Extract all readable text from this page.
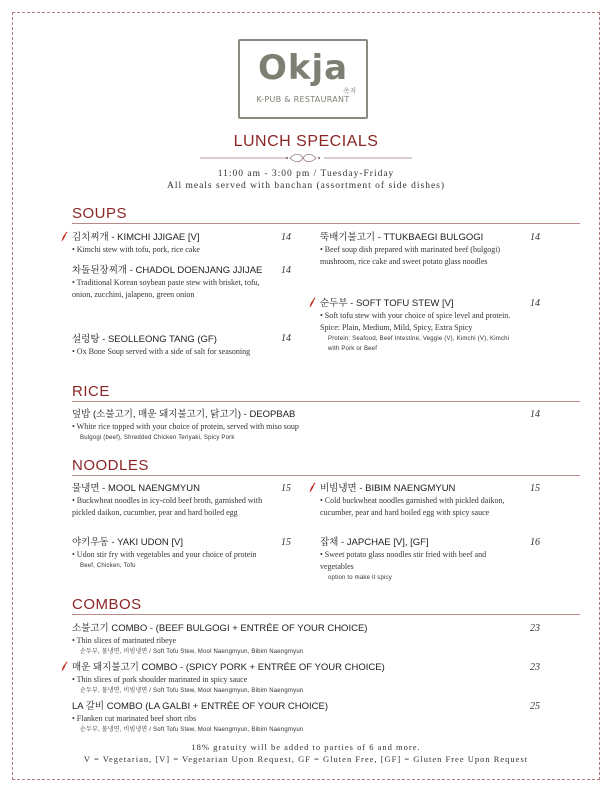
Okja
옥자
K-PUB & RESTAURANT
LUNCH SPECIALS
11:00 am - 3:00 pm / Tuesday-Friday
All meals served with banchan (assortment of side dishes)
SOUPS
김치찌개 - KIMCHI JJIGAE [V]
• Kimchi stew with tofu, pork, rice cake
14
차돌된장찌개 - CHADOL DOENJANG JJIJAE
• Traditional Korean soybean paste stew with brisket, tofu, onion, zucchini, jalapeno, green onion
14
설렁탕 - SEOLLEONG TANG (GF)
• Ox Bone Soup served with a side of salt for seasoning
14
뚝배기불고기 - TTUKBAEGI BULGOGI
• Beef soup dish prepared with marinated beef (bulgogi) mushroom, rice cake and sweet potato glass noodles
14
순두부 - SOFT TOFU STEW [V]
• Soft tofu stew with your choice of spice level and protein. Spice: Plain, Medium, Mild, Spicy, Extra Spicy
Protein: Seafood, Beef Intestine, Veggie (V), Kimchi (V), Kimchi with Pork or Beef
14
RICE
덮밥 (소불고기, 매운 돼지불고기, 닭고기) - DEOPBAB
• White rice topped with your choice of protein, served with miso soup
Bulgogi (beef), Shredded Chicken Teriyaki, Spicy Pork
14
NOODLES
물냉면 - MOOL NAENGMYUN
• Buckwheat noodles in icy-cold beef broth, garnished with pickled daikon, cucumber, pear and hard boiled egg
15
야키우동 - YAKI UDON [V]
• Udon stir fry with vegetables and your choice of protein
Beef, Chicken, Tofu
15
비빔냉면 - BIBIM NAENGMYUN
• Cold buckwheat noodles garnished with pickled daikon, cucumber, pear and hard boiled egg with spicy sauce
15
잡채 - JAPCHAE [V], [GF]
• Sweet potato glass noodles stir fried with beef and vegetables
option to make it spicy
16
COMBOS
소불고기 COMBO - (BEEF BULGOGI + ENTRÉE OF YOUR CHOICE)
• Thin slices of marinated ribeye
순두부, 물냉면, 비빔냉면 / Soft Tofu Stew, Mool Naengmyun, Bibim Naengmyun
23
매운 돼지불고기 COMBO - (SPICY PORK + ENTRÉE OF YOUR CHOICE)
• Thin slices of pork shoulder marinated in spicy sauce
순두부, 물냉면, 비빔냉면 / Soft Tofu Stew, Mool Naengmyun, Bibim Naengmyun
23
LA 갈비 COMBO (LA GALBI + ENTRÉE OF YOUR CHOICE)
• Flanken cut marinated beef short ribs
순두부, 물냉면, 비빔냉면 / Soft Tofu Stew, Mool Naengmyun, Bibim Naengmyun
25
18% gratuity will be added to parties of 6 and more.
V = Vegetarian, [V] = Vegetarian Upon Request, GF = Gluten Free, [GF] = Gluten Free Upon Request
